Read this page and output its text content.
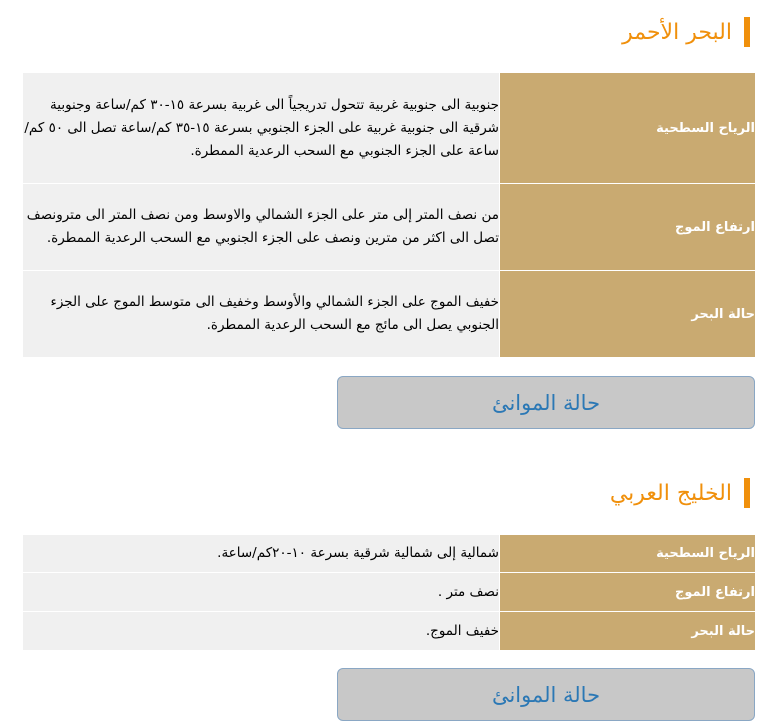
البحر الأحمر
الرياح السطحية	جنوبية الى جنوبية غربية تتحول تدريجياً الى غربية بسرعة ١٥-٣٠ كم/ساعة وجنوبية شرقية الى جنوبية غربية على الجزء الجنوبي بسرعة ١٥-٣٥ كم/ساعة تصل الى ٥٠ كم/ساعة على الجزء الجنوبي مع السحب الرعدية الممطرة.
ارتفاع الموج	من نصف المتر إلى متر على الجزء الشمالي والاوسط ومن نصف المتر الى مترونصف تصل الى اكثر من مترين ونصف على الجزء الجنوبي مع السحب الرعدية الممطرة.
حالة البحر	خفيف الموج على الجزء الشمالي والأوسط وخفيف الى متوسط الموج على الجزء الجنوبي يصل الى مائج مع السحب الرعدية الممطرة.
حالة الموانئ
الخليج العربي
الرياح السطحية	شمالية إلى شمالية شرقية بسرعة ١٠-٢٠كم/ساعة.
ارتفاع الموج	نصف متر .
حالة البحر	خفيف الموج.
حالة الموانئ
